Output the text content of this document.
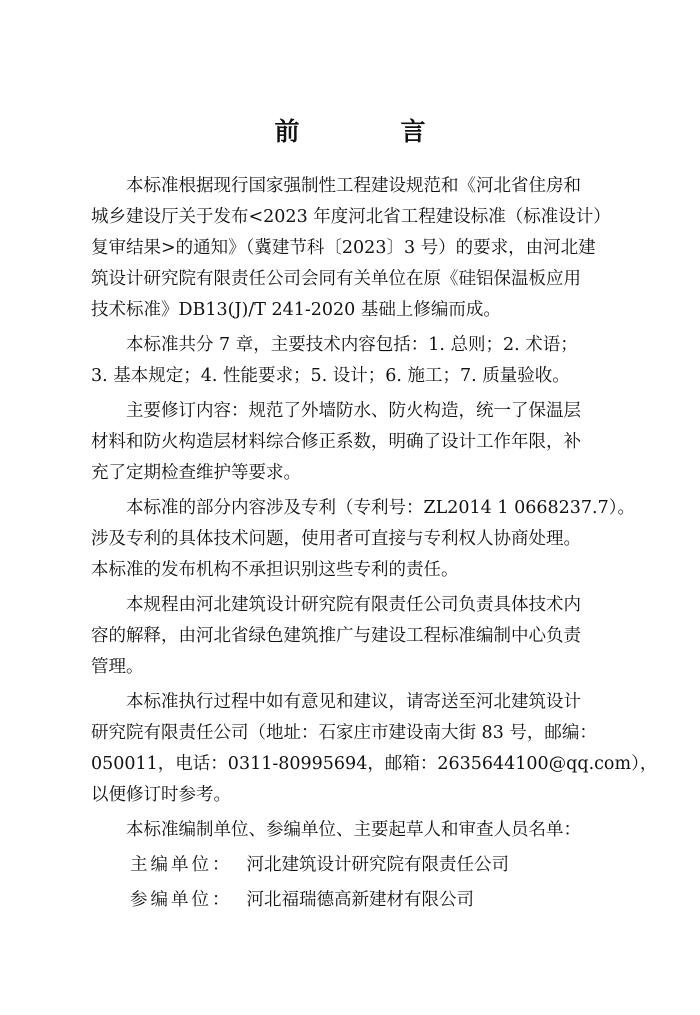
前　言

本标准根据现行国家强制性工程建设规范和《河北省住房和
城乡建设厅关于发布<2023 年度河北省工程建设标准（标准设计）
复审结果>的通知》（冀建节科〔2023〕3 号）的要求，由河北建
筑设计研究院有限责任公司会同有关单位在原《硅铝保温板应用
技术标准》DB13(J)/T 241-2020 基础上修编而成。

本标准共分 7 章，主要技术内容包括：1. 总则；2. 术语；
3. 基本规定；4. 性能要求；5. 设计；6. 施工；7. 质量验收。

主要修订内容：规范了外墙防水、防火构造，统一了保温层
材料和防火构造层材料综合修正系数，明确了设计工作年限，补
充了定期检查维护等要求。

本标准的部分内容涉及专利（专利号：ZL2014 1 0668237.7）。
涉及专利的具体技术问题，使用者可直接与专利权人协商处理。
本标准的发布机构不承担识别这些专利的责任。

本规程由河北建筑设计研究院有限责任公司负责具体技术内
容的解释，由河北省绿色建筑推广与建设工程标准编制中心负责
管理。

本标准执行过程中如有意见和建议，请寄送至河北建筑设计
研究院有限责任公司（地址：石家庄市建设南大街 83 号，邮编：
050011，电话：0311-80995694，邮箱：2635644100@qq.com），
以便修订时参考。

本标准编制单位、参编单位、主要起草人和审查人员名单：

主编单位： 河北建筑设计研究院有限责任公司
参编单位： 河北福瑞德高新建材有限公司
